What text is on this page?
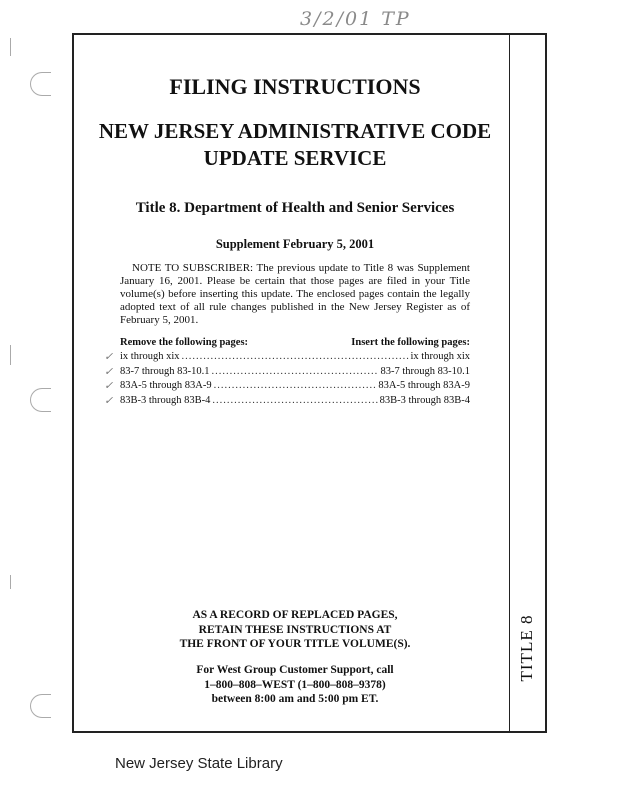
3/2/01 TP
TITLE 8
FILING INSTRUCTIONS
NEW JERSEY ADMINISTRATIVE CODE
UPDATE SERVICE
Title 8. Department of Health and Senior Services
Supplement February 5, 2001
NOTE TO SUBSCRIBER: The previous update to Title 8 was Supplement January 16, 2001. Please be certain that those pages are filed in your Title volume(s) before inserting this update. The enclosed pages contain the legally adopted text of all rule changes published in the New Jersey Register as of February 5, 2001.
Remove the following pages:	Insert the following pages:
✓ ix through xix .....	ix through xix
✓ 83-7 through 83-10.1 .....	83-7 through 83-10.1
✓ 83A-5 through 83A-9 .....	83A-5 through 83A-9
✓ 83B-3 through 83B-4 .....	83B-3 through 83B-4
AS A RECORD OF REPLACED PAGES,
RETAIN THESE INSTRUCTIONS AT
THE FRONT OF YOUR TITLE VOLUME(S).
For West Group Customer Support, call
1–800–808–WEST (1–800–808–9378)
between 8:00 am and 5:00 pm ET.
New Jersey State Library
